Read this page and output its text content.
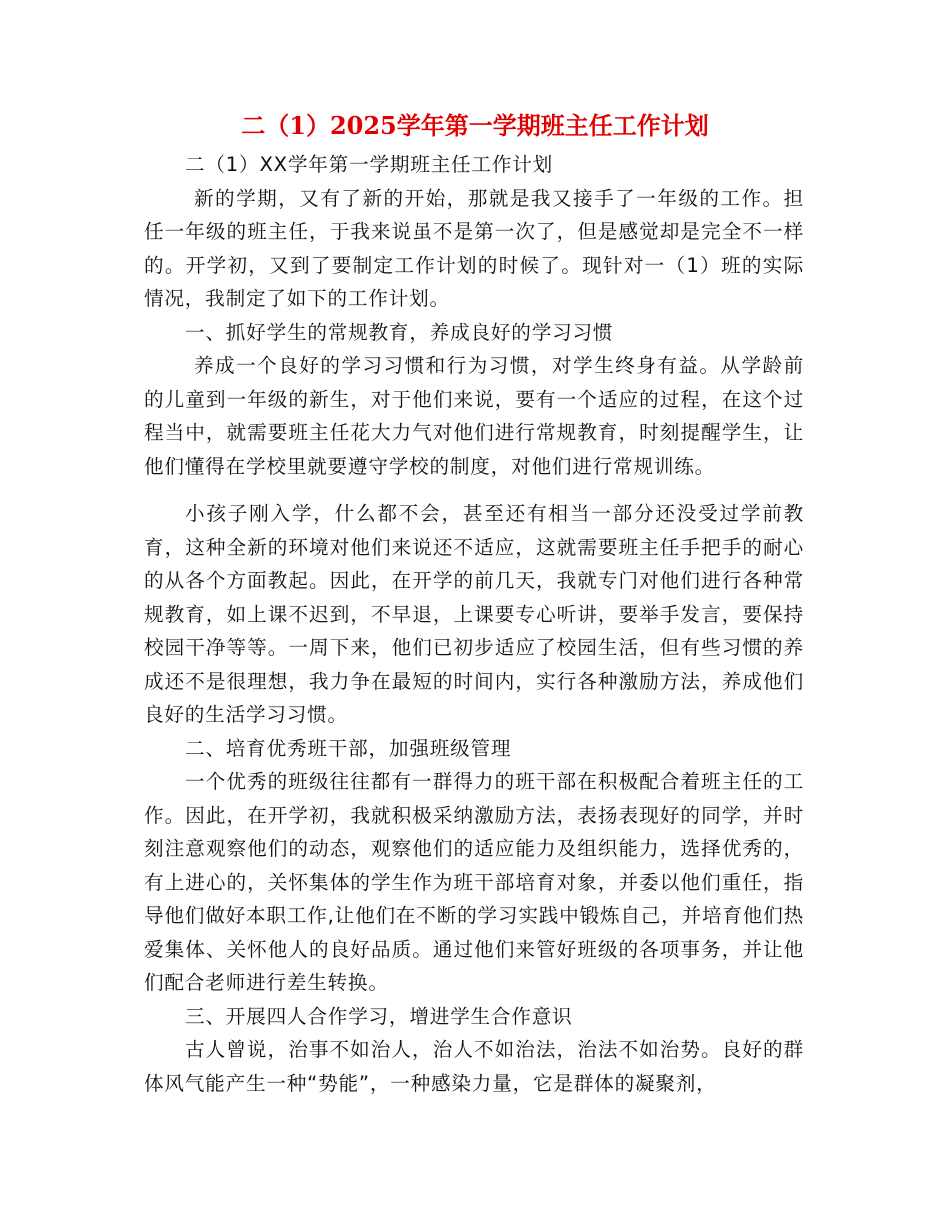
二（1）2025学年第一学期班主任工作计划

二（1）XX学年第一学期班主任工作计划

新的学期，又有了新的开始，那就是我又接手了一年级的工作。担任一年级的班主任，于我来说虽不是第一次了，但是感觉却是完全不一样的。开学初，又到了要制定工作计划的时候了。现针对一（1）班的实际情况，我制定了如下的工作计划。

一、抓好学生的常规教育，养成良好的学习习惯

养成一个良好的学习习惯和行为习惯，对学生终身有益。从学龄前的儿童到一年级的新生，对于他们来说，要有一个适应的过程，在这个过程当中，就需要班主任花大力气对他们进行常规教育，时刻提醒学生，让他们懂得在学校里就要遵守学校的制度，对他们进行常规训练。

小孩子刚入学，什么都不会，甚至还有相当一部分还没受过学前教育，这种全新的环境对他们来说还不适应，这就需要班主任手把手的耐心的从各个方面教起。因此，在开学的前几天，我就专门对他们进行各种常规教育，如上课不迟到，不早退，上课要专心听讲，要举手发言，要保持校园干净等等。一周下来，他们已初步适应了校园生活，但有些习惯的养成还不是很理想，我力争在最短的时间内，实行各种激励方法，养成他们良好的生活学习习惯。

二、培育优秀班干部，加强班级管理

一个优秀的班级往往都有一群得力的班干部在积极配合着班主任的工作。因此，在开学初，我就积极采纳激励方法，表扬表现好的同学，并时刻注意观察他们的动态，观察他们的适应能力及组织能力，选择优秀的，有上进心的，关怀集体的学生作为班干部培育对象，并委以他们重任，指导他们做好本职工作,让他们在不断的学习实践中锻炼自己，并培育他们热爱集体、关怀他人的良好品质。通过他们来管好班级的各项事务，并让他们配合老师进行差生转换。

三、开展四人合作学习，增进学生合作意识

古人曾说，治事不如治人，治人不如治法，治法不如治势。良好的群体风气能产生一种“势能”，一种感染力量，它是群体的凝聚剂，
